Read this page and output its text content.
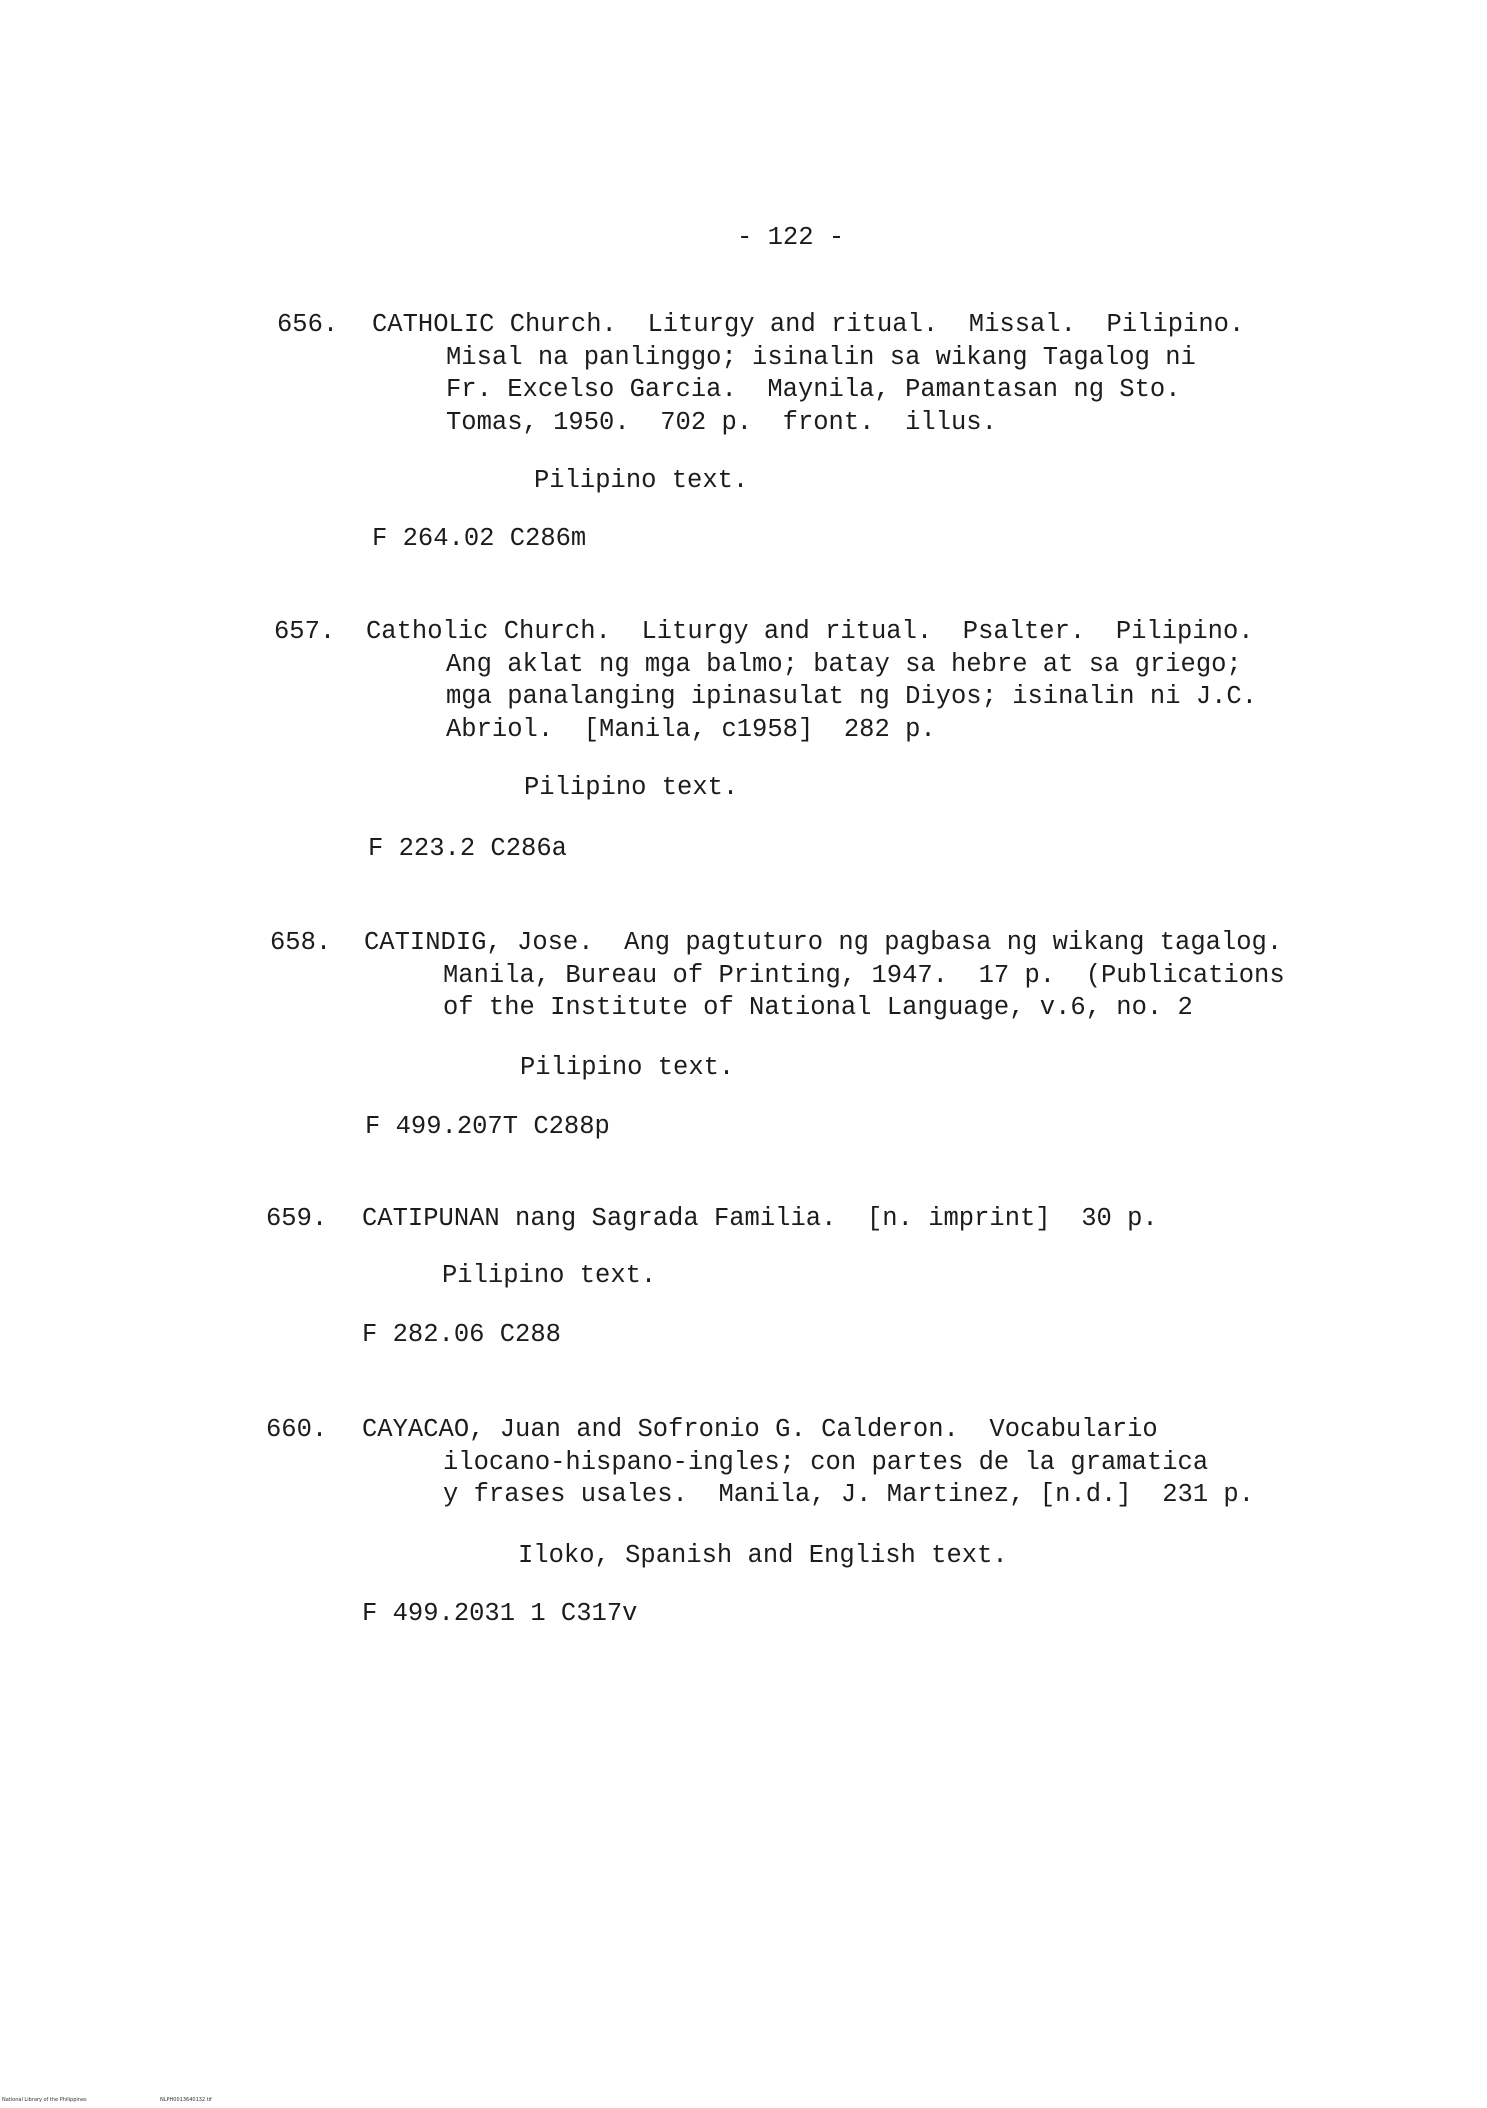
- 122 -
656. CATHOLIC Church.  Liturgy and ritual.  Missal.  Pilipino.
Misal na panlinggo; isinalin sa wikang Tagalog ni
Fr. Excelso Garcia.  Maynila, Pamantasan ng Sto.
Tomas, 1950.  702 p.  front.  illus.
Pilipino text.
F 264.02 C286m
657. Catholic Church.  Liturgy and ritual.  Psalter.  Pilipino.
Ang aklat ng mga balmo; batay sa hebre at sa griego;
mga panalanging ipinasulat ng Diyos; isinalin ni J.C.
Abriol.  [Manila, c1958]  282 p.
Pilipino text.
F 223.2 C286a
658. CATINDIG, Jose.  Ang pagtuturo ng pagbasa ng wikang tagalog.
Manila, Bureau of Printing, 1947.  17 p.  (Publications
of the Institute of National Language, v.6, no. 2
Pilipino text.
F 499.207T C288p
659. CATIPUNAN nang Sagrada Familia.  [n. imprint]  30 p.
Pilipino text.
F 282.06 C288
660. CAYACAO, Juan and Sofronio G. Calderon.  Vocabulario
ilocano-hispano-ingles; con partes de la gramatica
y frases usales.  Manila, J. Martinez, [n.d.]  231 p.
Iloko, Spanish and English text.
F 499.2031 1 C317v
National Library of the Philippines	NLPH0013640132.tif
